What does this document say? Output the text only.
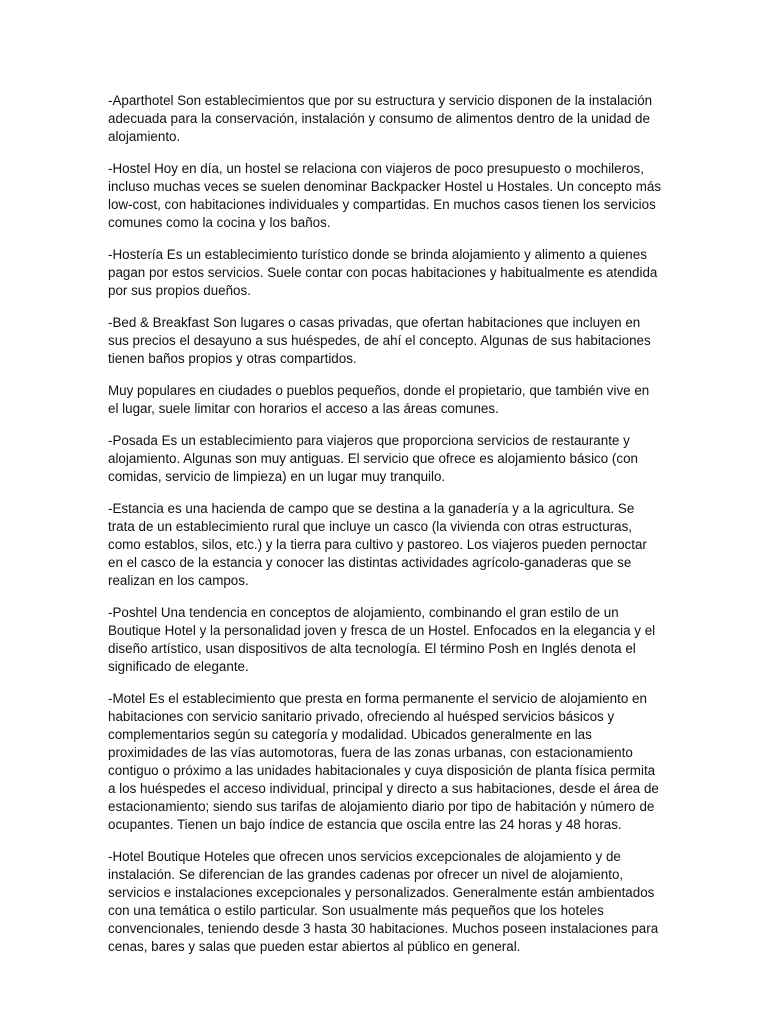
-Aparthotel Son establecimientos que por su estructura y servicio disponen de la instalación adecuada para la conservación, instalación y consumo de alimentos dentro de la unidad de alojamiento.

-Hostel Hoy en día, un hostel se relaciona con viajeros de poco presupuesto o mochileros, incluso muchas veces se suelen denominar Backpacker Hostel u Hostales. Un concepto más low-cost, con habitaciones individuales y compartidas. En muchos casos tienen los servicios comunes como la cocina y los baños.

-Hostería Es un establecimiento turístico donde se brinda alojamiento y alimento a quienes pagan por estos servicios. Suele contar con pocas habitaciones y habitualmente es atendida por sus propios dueños.

-Bed & Breakfast Son lugares o casas privadas, que ofertan habitaciones que incluyen en sus precios el desayuno a sus huéspedes, de ahí el concepto. Algunas de sus habitaciones tienen baños propios y otras compartidos.

Muy populares en ciudades o pueblos pequeños, donde el propietario, que también vive en el lugar, suele limitar con horarios el acceso a las áreas comunes.

-Posada Es un establecimiento para viajeros que proporciona servicios de restaurante y alojamiento. Algunas son muy antiguas. El servicio que ofrece es alojamiento básico (con comidas, servicio de limpieza) en un lugar muy tranquilo.

-Estancia es una hacienda de campo que se destina a la ganadería y a la agricultura. Se trata de un establecimiento rural que incluye un casco (la vivienda con otras estructuras, como establos, silos, etc.) y la tierra para cultivo y pastoreo. Los viajeros pueden pernoctar en el casco de la estancia y conocer las distintas actividades agrícolo-ganaderas que se realizan en los campos.

-Poshtel Una tendencia en conceptos de alojamiento, combinando el gran estilo de un Boutique Hotel y la personalidad joven y fresca de un Hostel. Enfocados en la elegancia y el diseño artístico, usan dispositivos de alta tecnología. El término Posh en Inglés denota el significado de elegante.

-Motel Es el establecimiento que presta en forma permanente el servicio de alojamiento en habitaciones con servicio sanitario privado, ofreciendo al huésped servicios básicos y complementarios según su categoría y modalidad. Ubicados generalmente en las proximidades de las vías automotoras, fuera de las zonas urbanas, con estacionamiento contiguo o próximo a las unidades habitacionales y cuya disposición de planta física permita a los huéspedes el acceso individual, principal y directo a sus habitaciones, desde el área de estacionamiento; siendo sus tarifas de alojamiento diario por tipo de habitación y número de ocupantes. Tienen un bajo índice de estancia que oscila entre las 24 horas y 48 horas.

-Hotel Boutique Hoteles que ofrecen unos servicios excepcionales de alojamiento y de instalación. Se diferencian de las grandes cadenas por ofrecer un nivel de alojamiento, servicios e instalaciones excepcionales y personalizados. Generalmente están ambientados con una temática o estilo particular. Son usualmente más pequeños que los hoteles convencionales, teniendo desde 3 hasta 30 habitaciones. Muchos poseen instalaciones para cenas, bares y salas que pueden estar abiertos al público en general.
